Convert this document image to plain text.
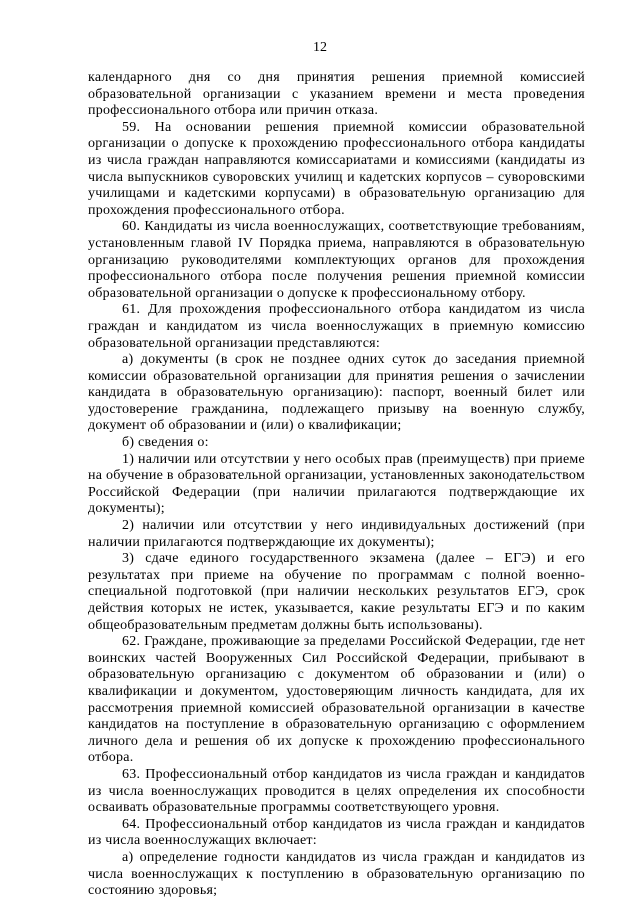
12

календарного дня со дня принятия решения приемной комиссией образовательной организации с указанием времени и места проведения профессионального отбора или причин отказа.

59. На основании решения приемной комиссии образовательной организации о допуске к прохождению профессионального отбора кандидаты из числа граждан направляются комиссариатами и комиссиями (кандидаты из числа выпускников суворовских училищ и кадетских корпусов – суворовскими училищами и кадетскими корпусами) в образовательную организацию для прохождения профессионального отбора.

60. Кандидаты из числа военнослужащих, соответствующие требованиям, установленным главой IV Порядка приема, направляются в образовательную организацию руководителями комплектующих органов для прохождения профессионального отбора после получения решения приемной комиссии образовательной организации о допуске к профессиональному отбору.

61. Для прохождения профессионального отбора кандидатом из числа граждан и кандидатом из числа военнослужащих в приемную комиссию образовательной организации представляются:

а) документы (в срок не позднее одних суток до заседания приемной комиссии образовательной организации для принятия решения о зачислении кандидата в образовательную организацию): паспорт, военный билет или удостоверение гражданина, подлежащего призыву на военную службу, документ об образовании и (или) о квалификации;

б) сведения о:

1) наличии или отсутствии у него особых прав (преимуществ) при приеме на обучение в образовательной организации, установленных законодательством Российской Федерации (при наличии прилагаются подтверждающие их документы);

2) наличии или отсутствии у него индивидуальных достижений (при наличии прилагаются подтверждающие их документы);

3) сдаче единого государственного экзамена (далее – ЕГЭ) и его результатах при приеме на обучение по программам с полной военно-специальной подготовкой (при наличии нескольких результатов ЕГЭ, срок действия которых не истек, указывается, какие результаты ЕГЭ и по каким общеобразовательным предметам должны быть использованы).

62. Граждане, проживающие за пределами Российской Федерации, где нет воинских частей Вооруженных Сил Российской Федерации, прибывают в образовательную организацию с документом об образовании и (или) о квалификации и документом, удостоверяющим личность кандидата, для их рассмотрения приемной комиссией образовательной организации в качестве кандидатов на поступление в образовательную организацию с оформлением личного дела и решения об их допуске к прохождению профессионального отбора.

63. Профессиональный отбор кандидатов из числа граждан и кандидатов из числа военнослужащих проводится в целях определения их способности осваивать образовательные программы соответствующего уровня.

64. Профессиональный отбор кандидатов из числа граждан и кандидатов из числа военнослужащих включает:

а) определение годности кандидатов из числа граждан и кандидатов из числа военнослужащих к поступлению в образовательную организацию по состоянию здоровья;
